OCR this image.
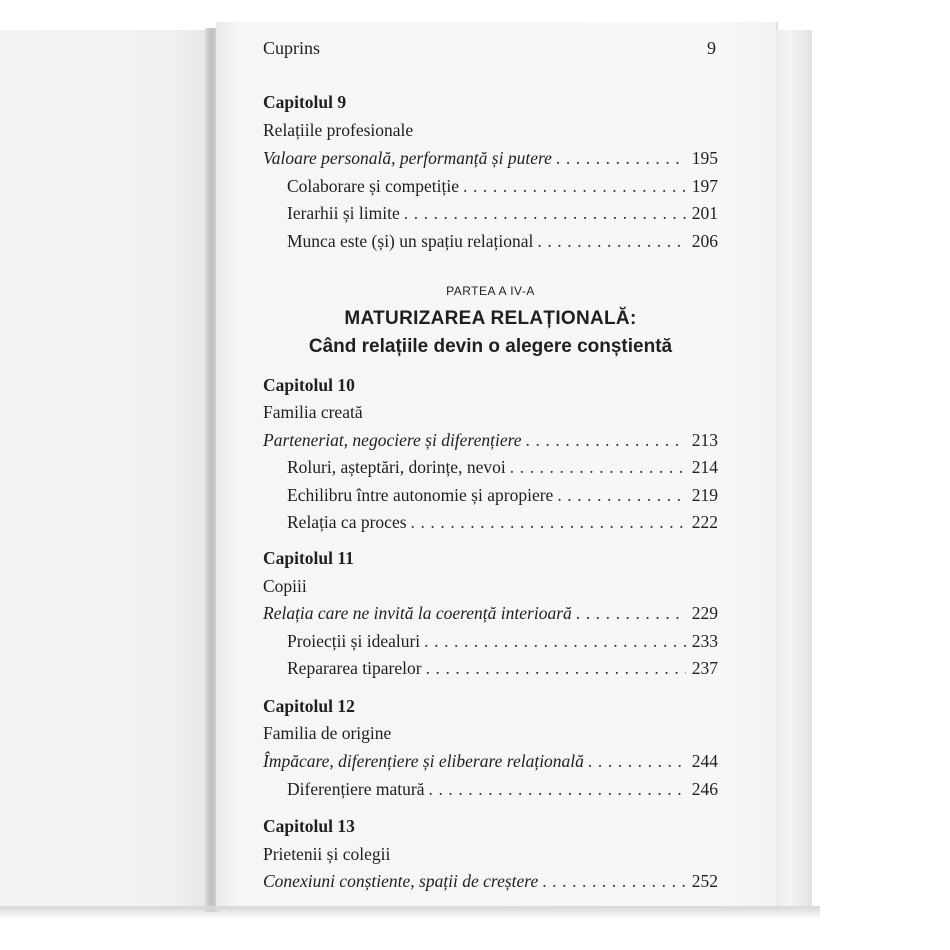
Cuprins	9
Capitolul 9
Relațiile profesionale
Valoare personală, performanță și putere . . .	195
Colaborare și competiție . . .	197
Ierarhii și limite . . .	201
Munca este (și) un spațiu relațional . . .	206
PARTEA A IV-A
MATURIZAREA RELAȚIONALĂ:
Când relațiile devin o alegere conștientă
Capitolul 10
Familia creată
Parteneriat, negociere și diferențiere . . .	213
Roluri, așteptări, dorințe, nevoi . . .	214
Echilibru între autonomie și apropiere . . .	219
Relația ca proces . . .	222
Capitolul 11
Copiii
Relația care ne invită la coerență interioară . . .	229
Proiecții și idealuri . . .	233
Repararea tiparelor . . .	237
Capitolul 12
Familia de origine
Împăcare, diferențiere și eliberare relațională . . .	244
Diferențiere matură . . .	246
Capitolul 13
Prietenii și colegii
Conexiuni conștiente, spații de creștere . . .	252
